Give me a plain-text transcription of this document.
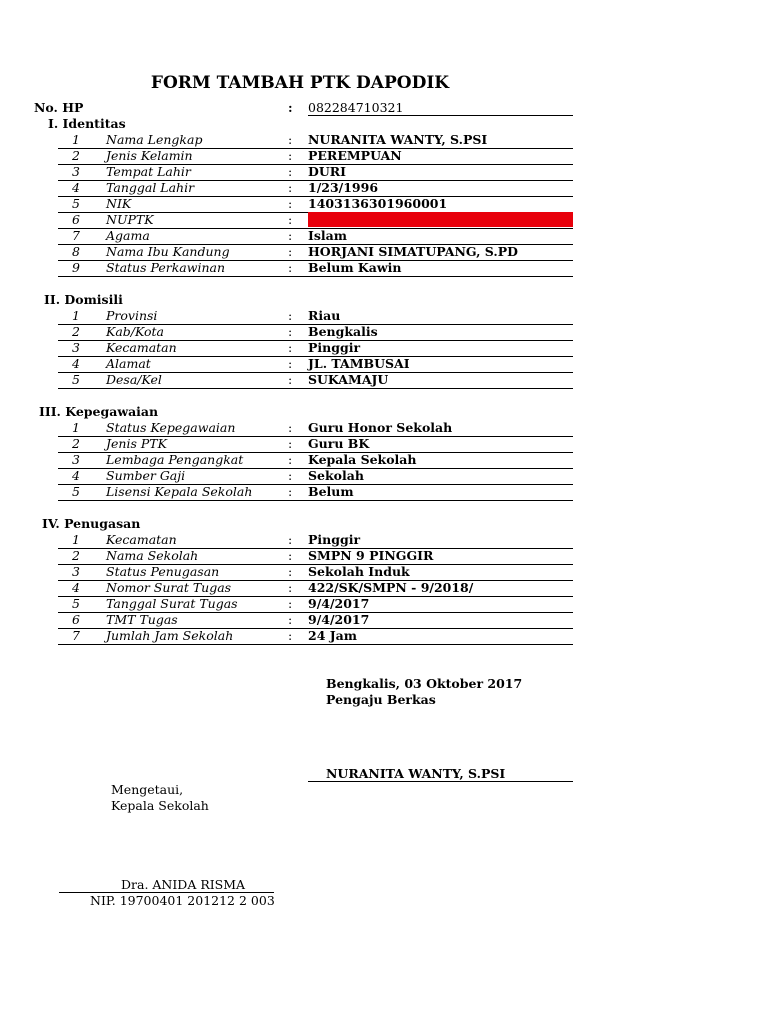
FORM TAMBAH PTK DAPODIK
No. HP	: 082284710321
I. Identitas
1 Nama Lengkap	: NURANITA WANTY, S.PSI
2 Jenis Kelamin	: PEREMPUAN
3 Tempat Lahir	: DURI
4 Tanggal Lahir	: 1/23/1996
5 NIK	: 1403136301960001
6 NUPTK	:
7 Agama	: Islam
8 Nama Ibu Kandung	: HORJANI SIMATUPANG, S.PD
9 Status Perkawinan	: Belum Kawin
II. Domisili
1 Provinsi	: Riau
2 Kab/Kota	: Bengkalis
3 Kecamatan	: Pinggir
4 Alamat	: JL. TAMBUSAI
5 Desa/Kel	: SUKAMAJU
III. Kepegawaian
1 Status Kepegawaian	: Guru Honor Sekolah
2 Jenis PTK	: Guru BK
3 Lembaga Pengangkat	: Kepala Sekolah
4 Sumber Gaji	: Sekolah
5 Lisensi Kepala Sekolah	: Belum
IV. Penugasan
1 Kecamatan	: Pinggir
2 Nama Sekolah	: SMPN 9 PINGGIR
3 Status Penugasan	: Sekolah Induk
4 Nomor Surat Tugas	: 422/SK/SMPN - 9/2018/
5 Tanggal Surat Tugas	: 9/4/2017
6 TMT Tugas	: 9/4/2017
7 Jumlah Jam Sekolah	: 24 Jam
Bengkalis, 03 Oktober 2017
Pengaju Berkas
NURANITA WANTY, S.PSI
Mengetaui,
Kepala Sekolah
Dra. ANIDA RISMA
NIP. 19700401 201212 2 003
